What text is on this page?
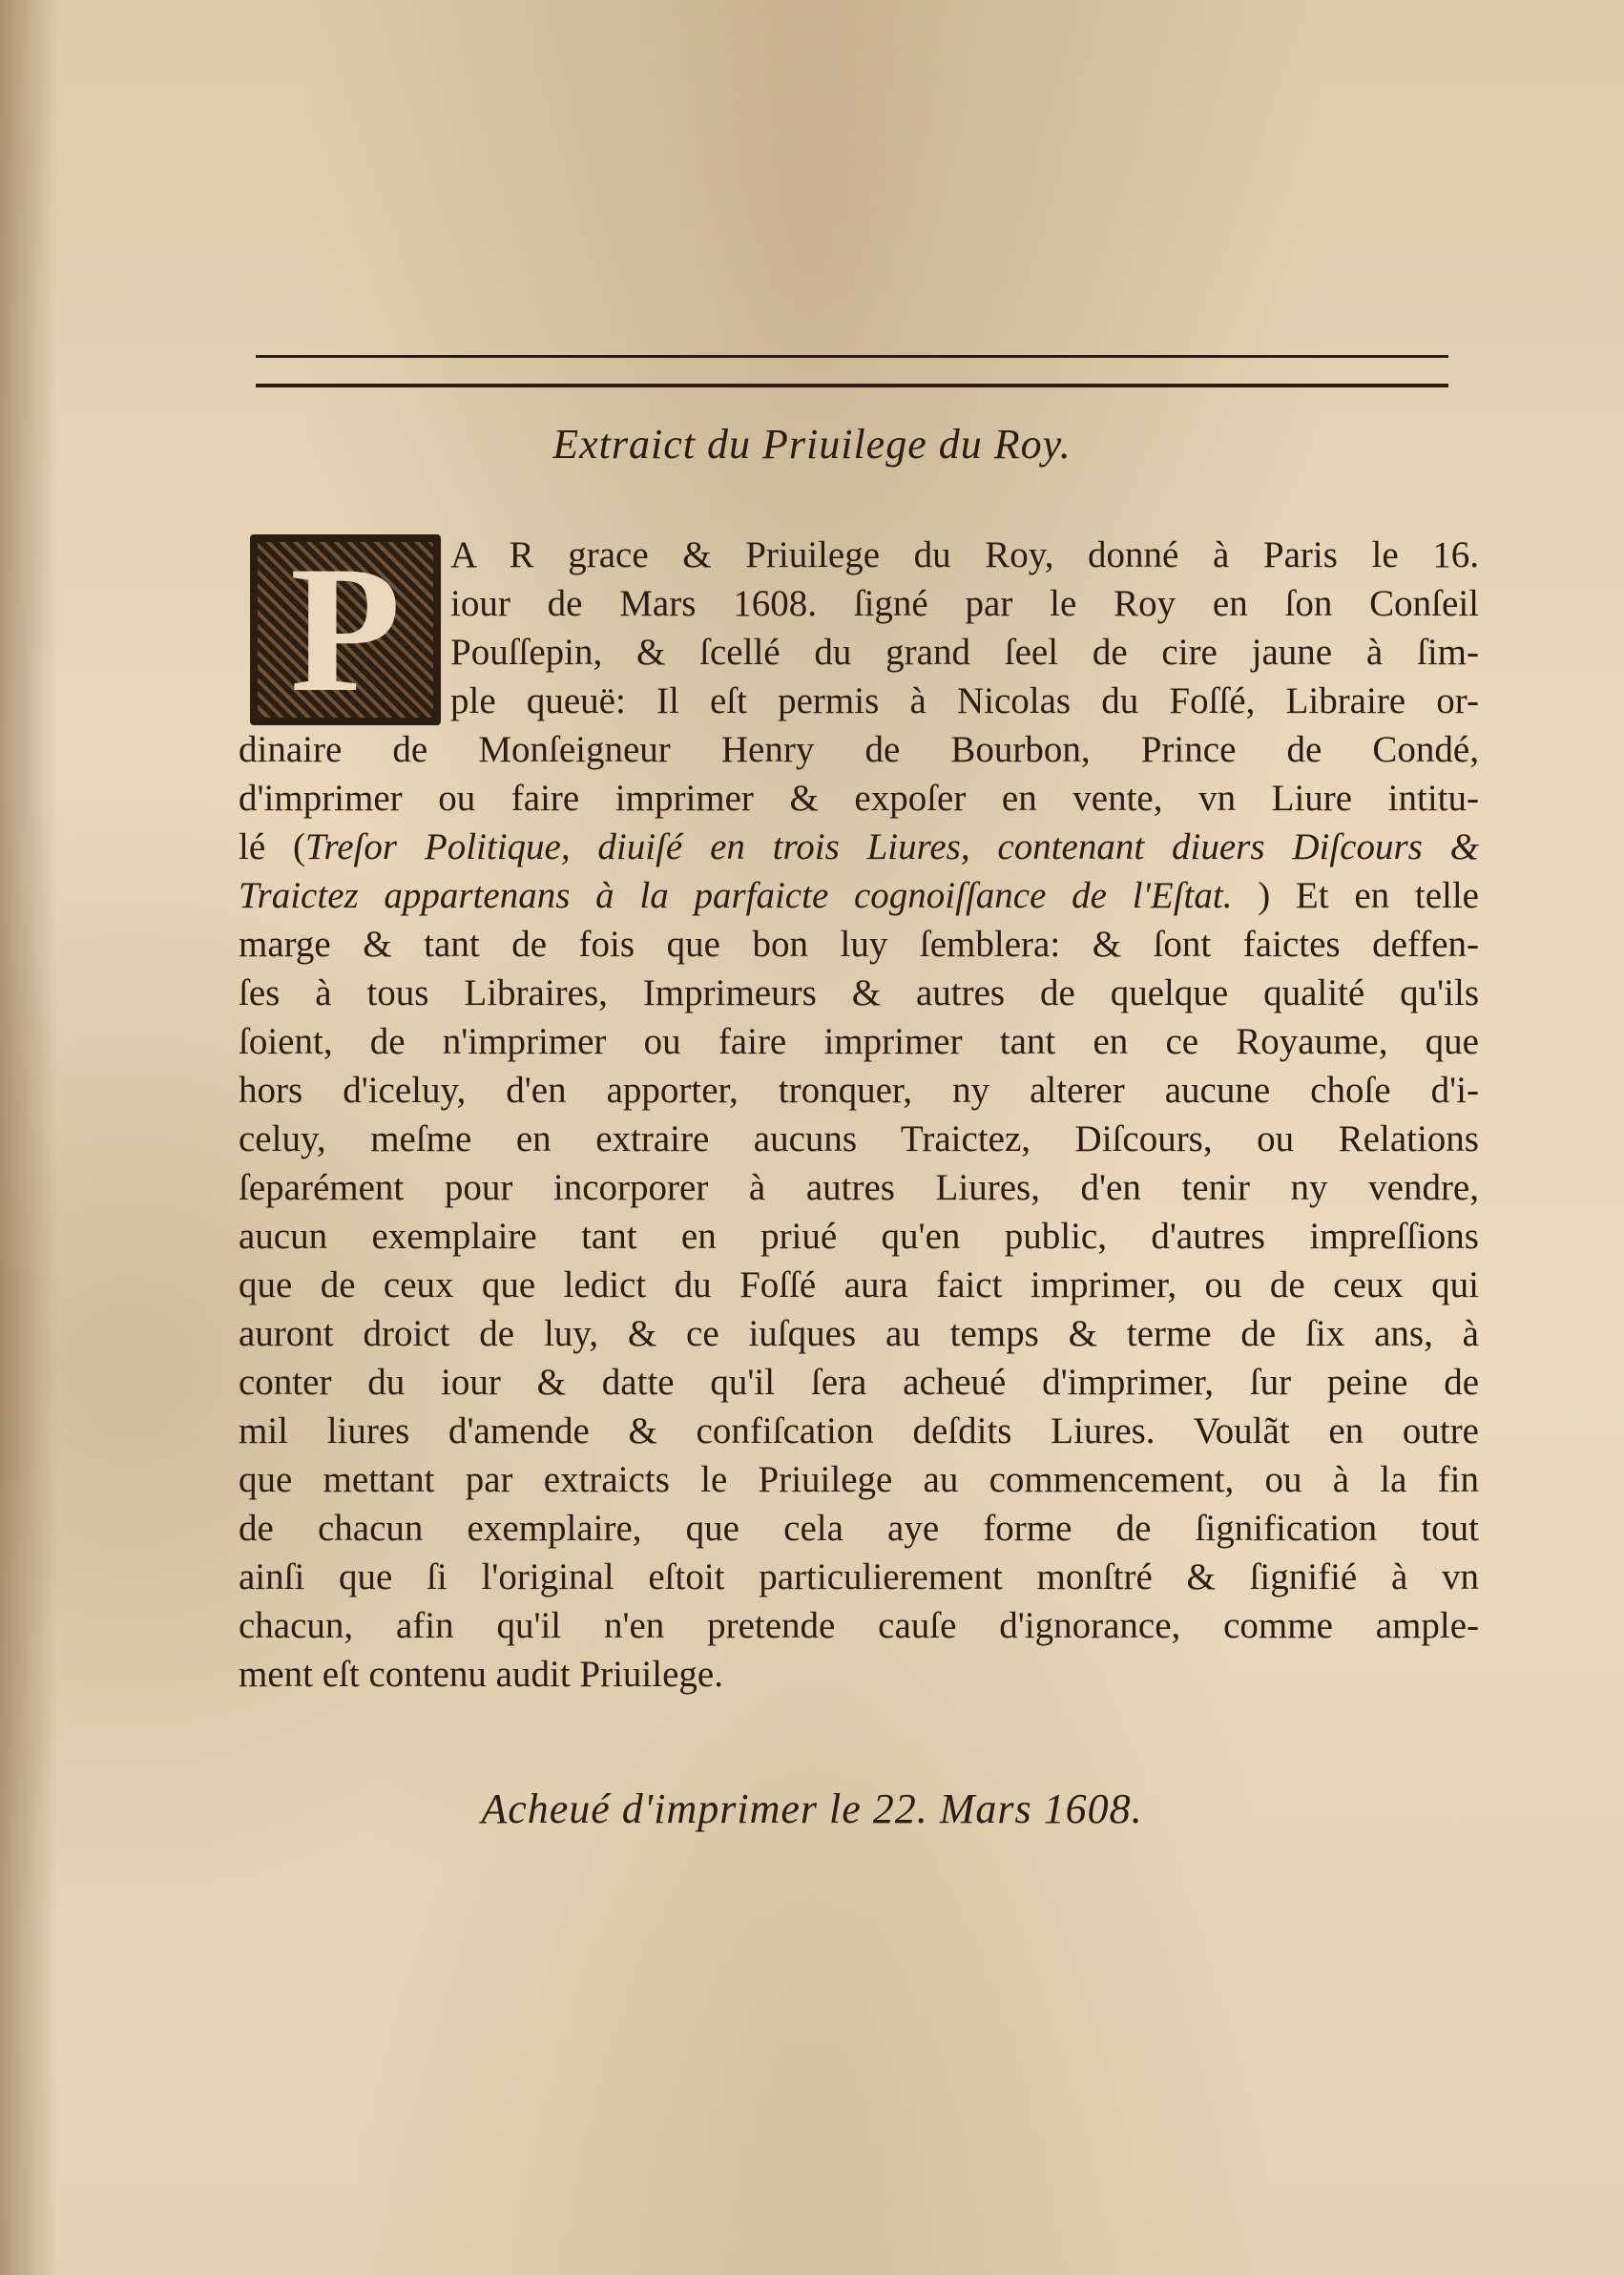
Extraict du Priuilege du Roy.
P	A R grace & Priuilege du Roy, donné à Paris le 16.
iour de Mars 1608. ſigné par le Roy en ſon Conſeil
Pouſſepin, & ſcellé du grand ſeel de cire jaune à ſim-
ple queuë: Il eſt permis à Nicolas du Foſſé, Libraire or-
dinaire de Monſeigneur Henry de Bourbon, Prince de Condé,
d'imprimer ou faire imprimer & expoſer en vente, vn Liure intitu-
lé (Treſor Politique, diuiſé en trois Liures, contenant diuers Diſcours &
Traictez appartenans à la parfaicte cognoiſſance de l'Eſtat. ) Et en telle
marge & tant de fois que bon luy ſemblera: & ſont faictes deffen-
ſes à tous Libraires, Imprimeurs & autres de quelque qualité qu'ils
ſoient, de n'imprimer ou faire imprimer tant en ce Royaume, que
hors d'iceluy, d'en apporter, tronquer, ny alterer aucune choſe d'i-
celuy, meſme en extraire aucuns Traictez, Diſcours, ou Relations
ſeparément pour incorporer à autres Liures, d'en tenir ny vendre,
aucun exemplaire tant en priué qu'en public, d'autres impreſſions
que de ceux que ledict du Foſſé aura faict imprimer, ou de ceux qui
auront droict de luy, & ce iuſques au temps & terme de ſix ans, à
conter du iour & datte qu'il ſera acheué d'imprimer, ſur peine de
mil liures d'amende & confiſcation deſdits Liures. Voulãt en outre
que mettant par extraicts le Priuilege au commencement, ou à la fin
de chacun exemplaire, que cela aye forme de ſignification tout
ainſi que ſi l'original eſtoit particulierement monſtré & ſignifié à vn
chacun, afin qu'il n'en pretende cauſe d'ignorance, comme ample-
ment eſt contenu audit Priuilege.
Acheué d'imprimer le 22. Mars 1608.
